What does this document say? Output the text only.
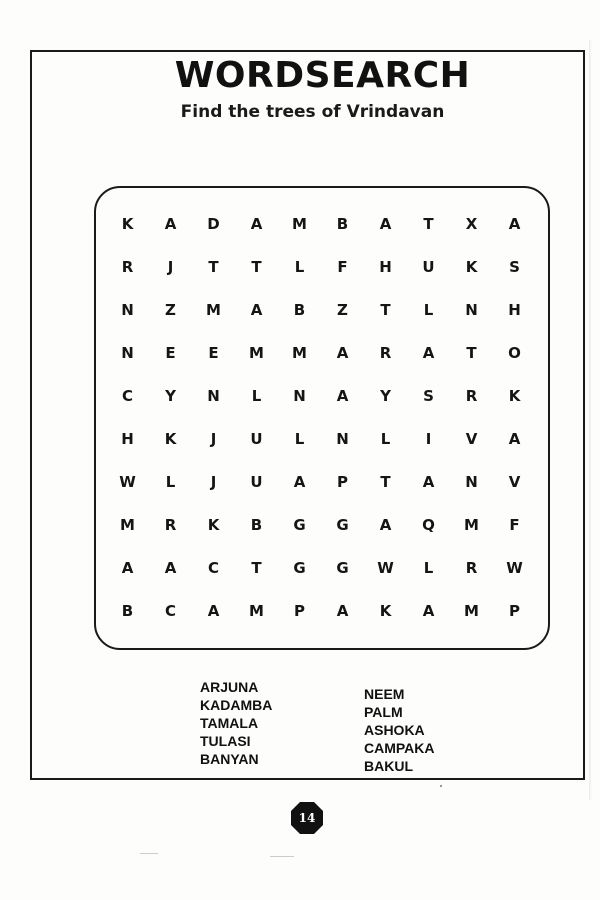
WORDSEARCH
Find the trees of Vrindavan
K	A	D	A	M	B	A	T	X	A
R	J	T	T	L	F	H	U	K	S
N	Z	M	A	B	Z	T	L	N	H
N	E	E	M	M	A	R	A	T	O
C	Y	N	L	N	A	Y	S	R	K
H	K	J	U	L	N	L	I	V	A
W	L	J	U	A	P	T	A	N	V
M	R	K	B	G	G	A	Q	M	F
A	A	C	T	G	G	W	L	R	W
B	C	A	M	P	A	K	A	M	P
ARJUNA
KADAMBA
TAMALA
TULASI
BANYAN
NEEM
PALM
ASHOKA
CAMPAKA
BAKUL
14
